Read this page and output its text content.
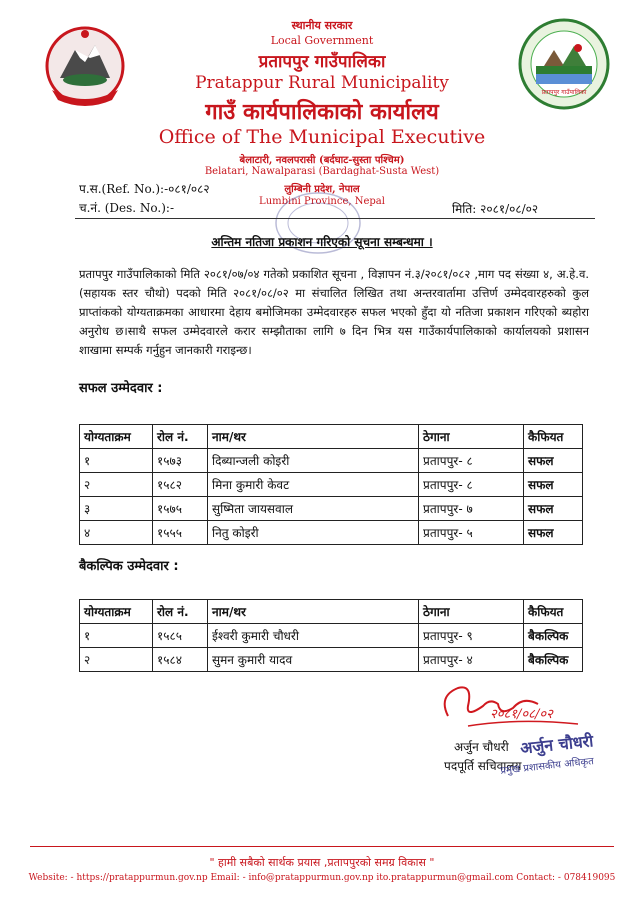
प्रतापपुर गाउँपालिका
स्थानीय सरकार
Local Government
प्रतापपुर गाउँपालिका
Pratappur Rural Municipality
गाउँ कार्यपालिकाको कार्यालय
Office of The Municipal Executive
बेलाटारी, नवलपरासी (बर्दघाट-सुस्ता पश्चिम)
Belatari, Nawalparasi (Bardaghat-Susta West)
लुम्बिनी प्रदेश, नेपाल
Lumbini Province, Nepal
प.स.(Ref. No.):-०८१/०८२
च.नं. (Des. No.):-	मिति: २०८१/०८/०२
अन्तिम नतिजा प्रकाशन गरिएको सूचना सम्बन्धमा ।
प्रतापपुर गाउँपालिकाको मिति २०८१/०७/०४ गतेको प्रकाशित सूचना , विज्ञापन नं.३/२०८१/०८२ ,माग पद संख्या ४, अ.हे.व.(सहायक स्तर चौथो) पदको मिति २०८१/०८/०२ मा संचालित लिखित तथा अन्तरवार्तामा उत्तिर्ण उम्मेदवारहरुको कुल प्राप्तांकको योग्यताक्रमका आधारमा देहाय बमोजिमका उम्मेदवारहरु सफल भएको हुँदा यो नतिजा प्रकाशन गरिएको ब्यहोरा अनुरोध छ।साथै सफल उम्मेदवारले करार सम्झौताका लागि ७ दिन भित्र यस गाउँकार्यपालिकाको कार्यालयको प्रशासन शाखामा सम्पर्क गर्नुहुन जानकारी गराइन्छ।
सफल उम्मेदवार :
योग्यताक्रम	रोल नं.	नाम/थर	ठेगाना	कैफियत
१	१५७३	दिब्यान्जली कोइरी	प्रतापपुर- ८	सफल
२	१५८२	मिना कुमारी केवट	प्रतापपुर- ८	सफल
३	१५७५	सुष्मिता जायसवाल	प्रतापपुर- ७	सफल
४	१५५५	नितु कोइरी	प्रतापपुर- ५	सफल
बैकल्पिक उम्मेदवार :
योग्यताक्रम	रोल नं.	नाम/थर	ठेगाना	कैफियत
१	१५८५	ईश्वरी कुमारी चौधरी	प्रतापपुर- ९	बैकल्पिक
२	१५८४	सुमन कुमारी यादव	प्रतापपुर- ४	बैकल्पिक
२०८१/०८/०२
अर्जुन चौधरी
पदपूर्ति सचिवालय
अर्जुन चौधरी
प्रमुख प्रशासकीय अधिकृत
" हामी सबैको सार्थक प्रयास ,प्रतापपुरको समग्र विकास "
Website: - https://pratappurmun.gov.np Email: - info@pratappurmun.gov.np ito.pratappurmun@gmail.com Contact: - 078419095
